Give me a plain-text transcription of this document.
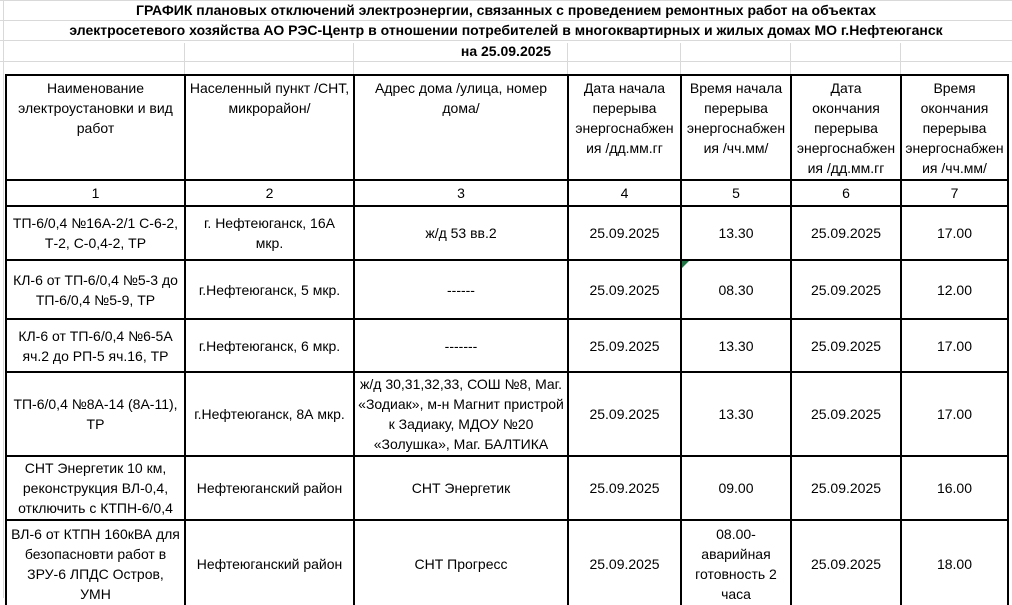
ГРАФИК плановых отключений электроэнергии, связанных с проведением ремонтных работ на объектах
электросетевого хозяйства АО РЭС-Центр в отношении потребителей в многоквартирных и жилых домах МО г.Нефтеюганск
на 25.09.2025
Наименование электроустановки и вид работ	Населенный пункт /СНТ, микрорайон/	Адрес дома /улица, номер дома/	Дата начала перерыва энергоснабжения /дд.мм.гг	Время начала перерыва энергоснабжения /чч.мм/	Дата окончания перерыва энергоснабжения /дд.мм.гг	Время окончания перерыва энергоснабжения /чч.мм/
1	2	3	4	5	6	7
ТП-6/0,4 №16А-2/1 С-6-2, Т-2, С-0,4-2, ТР	г. Нефтеюганск, 16А мкр.	ж/д 53 вв.2	25.09.2025	13.30	25.09.2025	17.00
КЛ-6 от ТП-6/0,4 №5-3 до ТП-6/0,4 №5-9, ТР	г.Нефтеюганск, 5 мкр.	------	25.09.2025	08.30	25.09.2025	12.00
КЛ-6 от ТП-6/0,4 №6-5А яч.2 до РП-5 яч.16, ТР	г.Нефтеюганск, 6 мкр.	-------	25.09.2025	13.30	25.09.2025	17.00
ТП-6/0,4 №8А-14 (8А-11), ТР	г.Нефтеюганск, 8А мкр.	ж/д 30,31,32,33, СОШ №8, Маг. «Зодиак», м-н Магнит пристрой к Задиаку, МДОУ №20 «Золушка», Маг. БАЛТИКА	25.09.2025	13.30	25.09.2025	17.00
СНТ Энергетик 10 км, реконструкция ВЛ-0,4, отключить с КТПН-6/0,4	Нефтеюганский район	СНТ Энергетик	25.09.2025	09.00	25.09.2025	16.00
ВЛ-6 от КТПН 160кВА для безопасновти работ в ЗРУ-6 ЛПДС Остров, УМН	Нефтеюганский район	СНТ Прогресс	25.09.2025	08.00- аварийная готовность 2 часа	25.09.2025	18.00
